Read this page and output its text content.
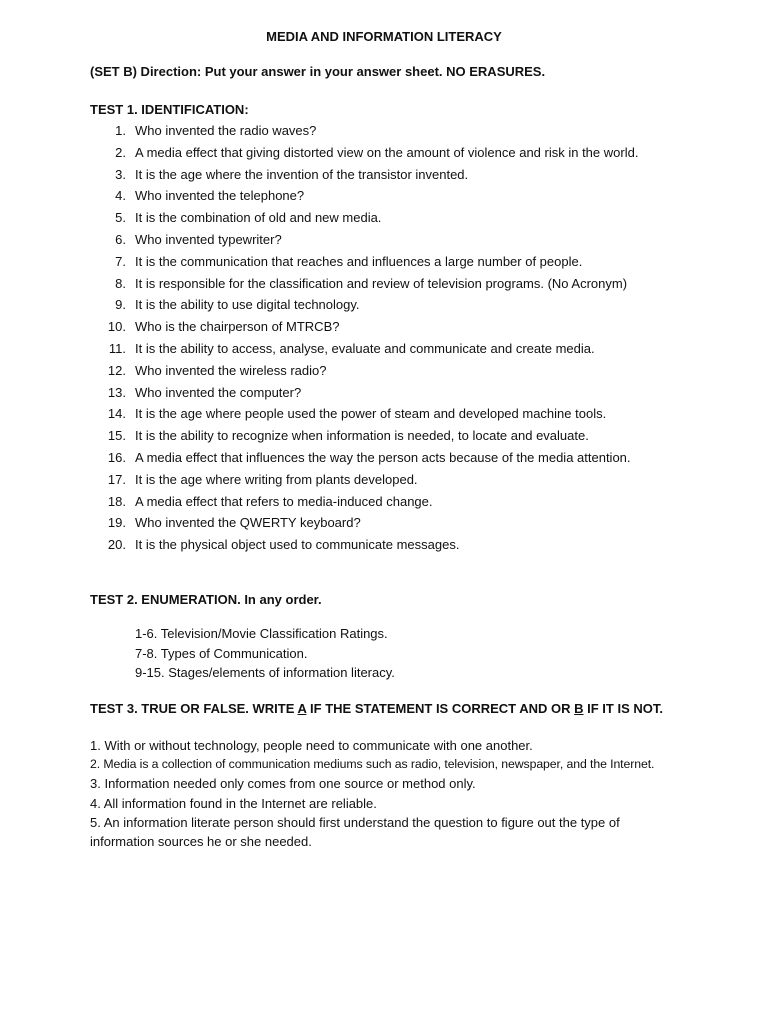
MEDIA AND INFORMATION LITERACY
(SET B) Direction: Put your answer in your answer sheet. NO ERASURES.
TEST 1. IDENTIFICATION:
1. Who invented the radio waves?
2. A media effect that giving distorted view on the amount of violence and risk in the world.
3. It is the age where the invention of the transistor invented.
4. Who invented the telephone?
5. It is the combination of old and new media.
6. Who invented typewriter?
7. It is the communication that reaches and influences a large number of people.
8. It is responsible for the classification and review of television programs. (No Acronym)
9. It is the ability to use digital technology.
10. Who is the chairperson of MTRCB?
11. It is the ability to access, analyse, evaluate and communicate and create media.
12. Who invented the wireless radio?
13. Who invented the computer?
14. It is the age where people used the power of steam and developed machine tools.
15. It is the ability to recognize when information is needed, to locate and evaluate.
16. A media effect that influences the way the person acts because of the media attention.
17. It is the age where writing from plants developed.
18. A media effect that refers to media-induced change.
19. Who invented the QWERTY keyboard?
20. It is the physical object used to communicate messages.
TEST 2. ENUMERATION. In any order.
1-6. Television/Movie Classification Ratings.
7-8. Types of Communication.
9-15. Stages/elements of information literacy.
TEST 3. TRUE OR FALSE. WRITE A IF THE STATEMENT IS CORRECT AND OR B IF IT IS NOT.
1. With or without technology, people need to communicate with one another.
2. Media is a collection of communication mediums such as radio, television, newspaper, and the Internet.
3. Information needed only comes from one source or method only.
4. All information found in the Internet are reliable.
5. An information literate person should first understand the question to figure out the type of information sources he or she needed.
